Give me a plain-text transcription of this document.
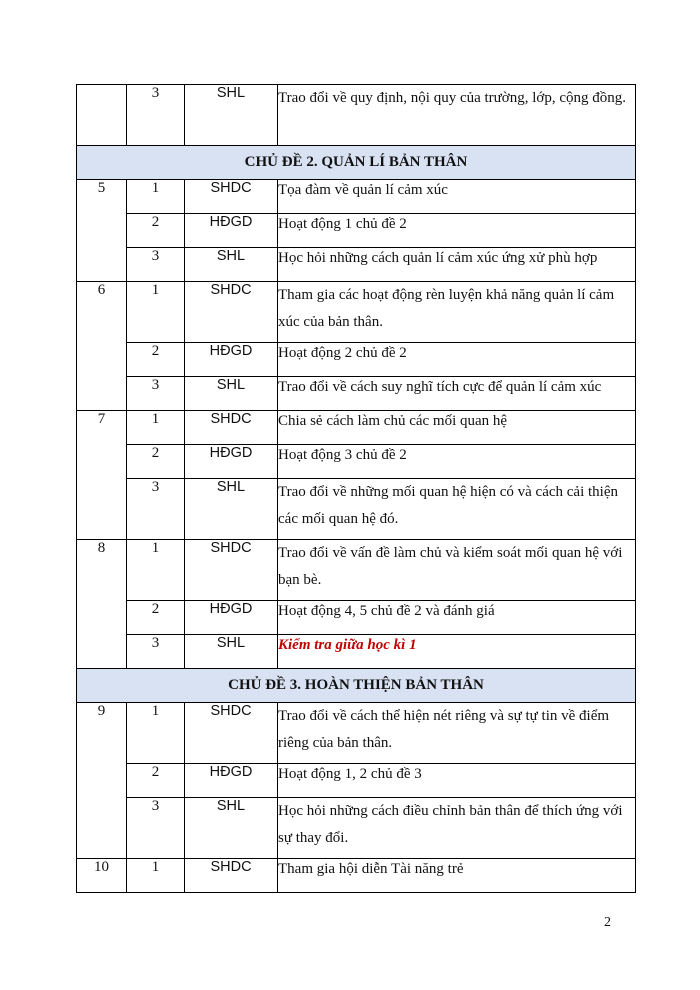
	3	SHL	Trao đổi về quy định, nội quy của trường, lớp, cộng đồng.
CHỦ ĐỀ 2. QUẢN LÍ BẢN THÂN			
5	1	SHDC	Tọa đàm về quản lí cảm xúc
	2	HĐGD	Hoạt động 1 chủ đề 2
	3	SHL	Học hỏi những cách quản lí cảm xúc ứng xử phù hợp
6	1	SHDC	Tham gia các hoạt động rèn luyện khả năng quản lí cảm xúc của bản thân.
	2	HĐGD	Hoạt động 2 chủ đề 2
	3	SHL	Trao đổi về cách suy nghĩ tích cực để quản lí cảm xúc
7	1	SHDC	Chia sẻ cách làm chủ các mối quan hệ
	2	HĐGD	Hoạt động 3 chủ đề 2
	3	SHL	Trao đổi về những mối quan hệ hiện có và cách cải thiện các mối quan hệ đó.
8	1	SHDC	Trao đổi về vấn đề làm chủ và kiểm soát mối quan hệ với bạn bè.
	2	HĐGD	Hoạt động 4, 5 chủ đề 2 và đánh giá
	3	SHL	Kiểm tra giữa học kì 1
CHỦ ĐỀ 3. HOÀN THIỆN BẢN THÂN			
9	1	SHDC	Trao đổi về cách thể hiện nét riêng và sự tự tin về điểm riêng của bản thân.
	2	HĐGD	Hoạt động 1, 2 chủ đề 3
	3	SHL	Học hỏi những cách điều chỉnh bản thân để thích ứng với sự thay đổi.
10	1	SHDC	Tham gia hội diễn Tài năng trẻ
2
